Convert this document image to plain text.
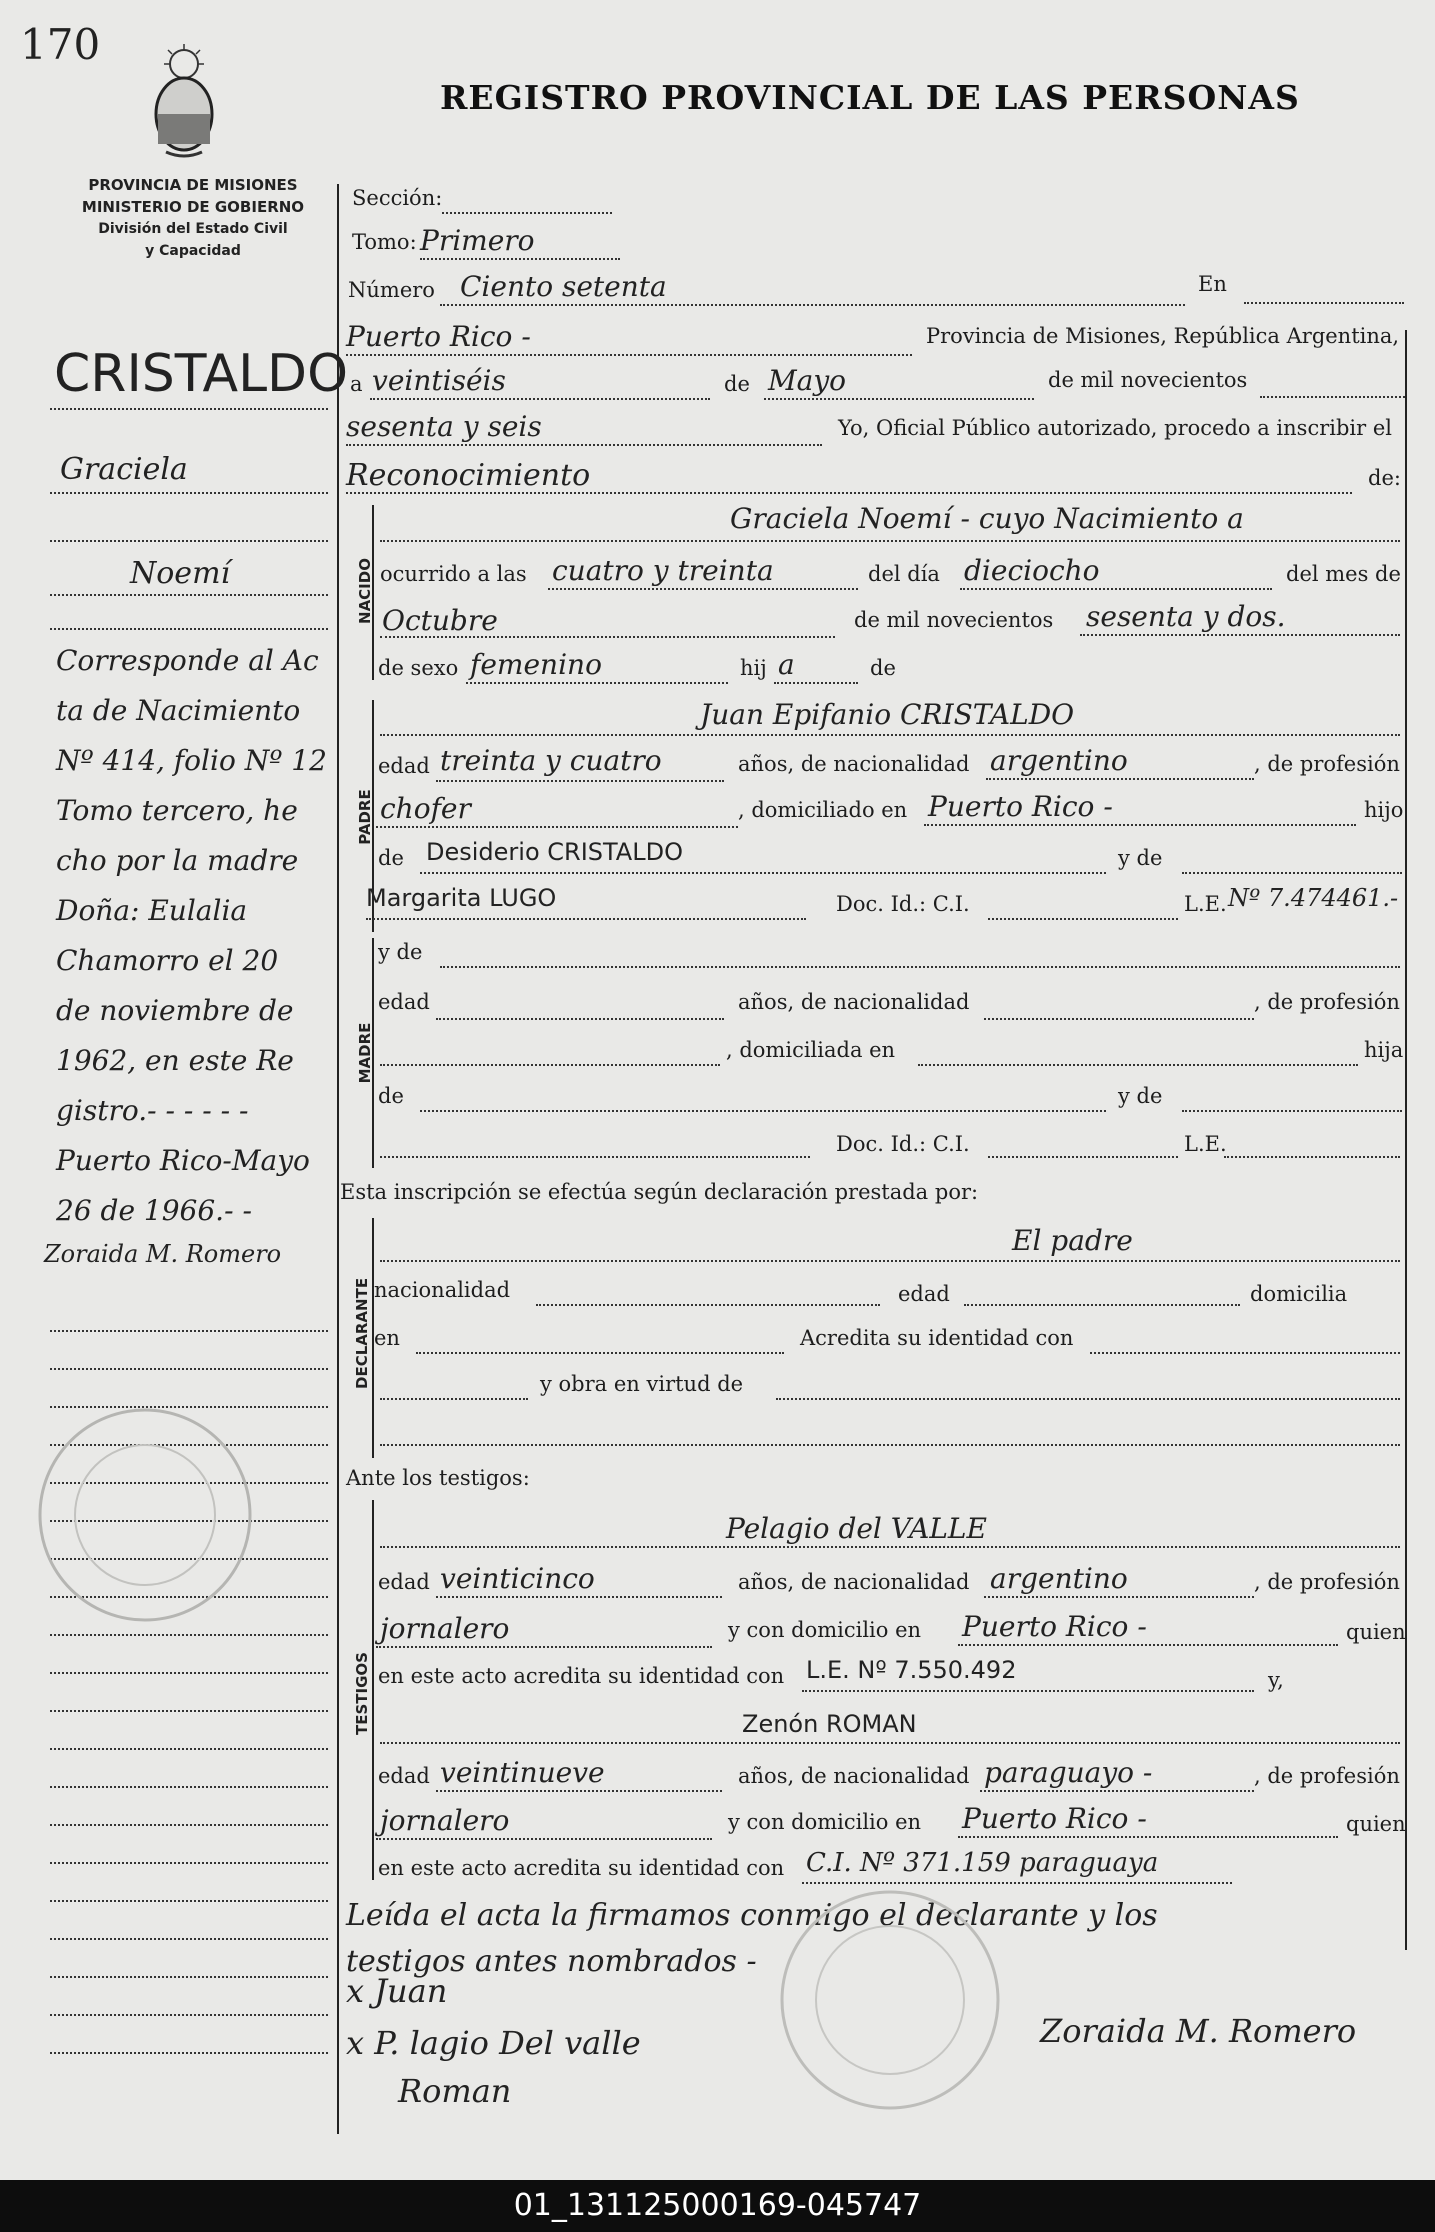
170
REGISTRO PROVINCIAL DE LAS PERSONAS
PROVINCIA DE MISIONES
MINISTERIO DE GOBIERNO
División del Estado Civil
y Capacidad
CRISTALDO
Graciela
Noemí
Corresponde al Ac
ta de Nacimiento
Nº 414, folio Nº 12
Tomo tercero, he
cho por la madre
Doña: Eulalia
Chamorro el 20
de noviembre de
1962, en este Re
gistro.- - - - - -
Puerto Rico-Mayo
26 de 1966.- -
Zoraida M. Romero
Sección:
Tomo: Primero
Número Ciento setenta	En
Puerto Rico -	Provincia de Misiones, República Argentina,
a veintiséis	de Mayo	de mil novecientos
sesenta y seis	Yo, Oficial Público autorizado, procedo a inscribir el
Reconocimiento	de:
NACIDO
Graciela Noemí - cuyo Nacimiento a
ocurrido a las cuatro y treinta	del día dieciocho	del mes de
Octubre	de mil novecientos sesenta y dos.
de sexo femenino	hij a	de
PADRE
Juan Epifanio CRISTALDO
edad treinta y cuatro	años, de nacionalidad argentino	, de profesión
chofer	, domiciliado en Puerto Rico -	hijo
de Desiderio CRISTALDO	y de
Margarita LUGO	Doc. Id.: C.I.	L.E. Nº 7.474461.-
MADRE
y de
edad	años, de nacionalidad	, de profesión
, domiciliada en	hija
de	y de
Doc. Id.: C.I.	L.E.
Esta inscripción se efectúa según declaración prestada por:
DECLARANTE
El padre
nacionalidad	edad	domicilia
en	Acredita su identidad con
y obra en virtud de
Ante los testigos:
TESTIGOS
Pelagio del VALLE
edad veinticinco	años, de nacionalidad argentino	, de profesión
jornalero	y con domicilio en Puerto Rico -	quien
en este acto acredita su identidad con L.E. Nº 7.550.492	y,
Zenón ROMAN
edad veintinueve	años, de nacionalidad paraguayo -	, de profesión
jornalero	y con domicilio en Puerto Rico -	quien
en este acto acredita su identidad con C.I. Nº 371.159 paraguaya
Leída el acta la firmamos conmigo el declarante y los
testigos antes nombrados -
x Juan
x P. lagio Del valle
Roman
Zoraida M. Romero
01_131125000169-045747
